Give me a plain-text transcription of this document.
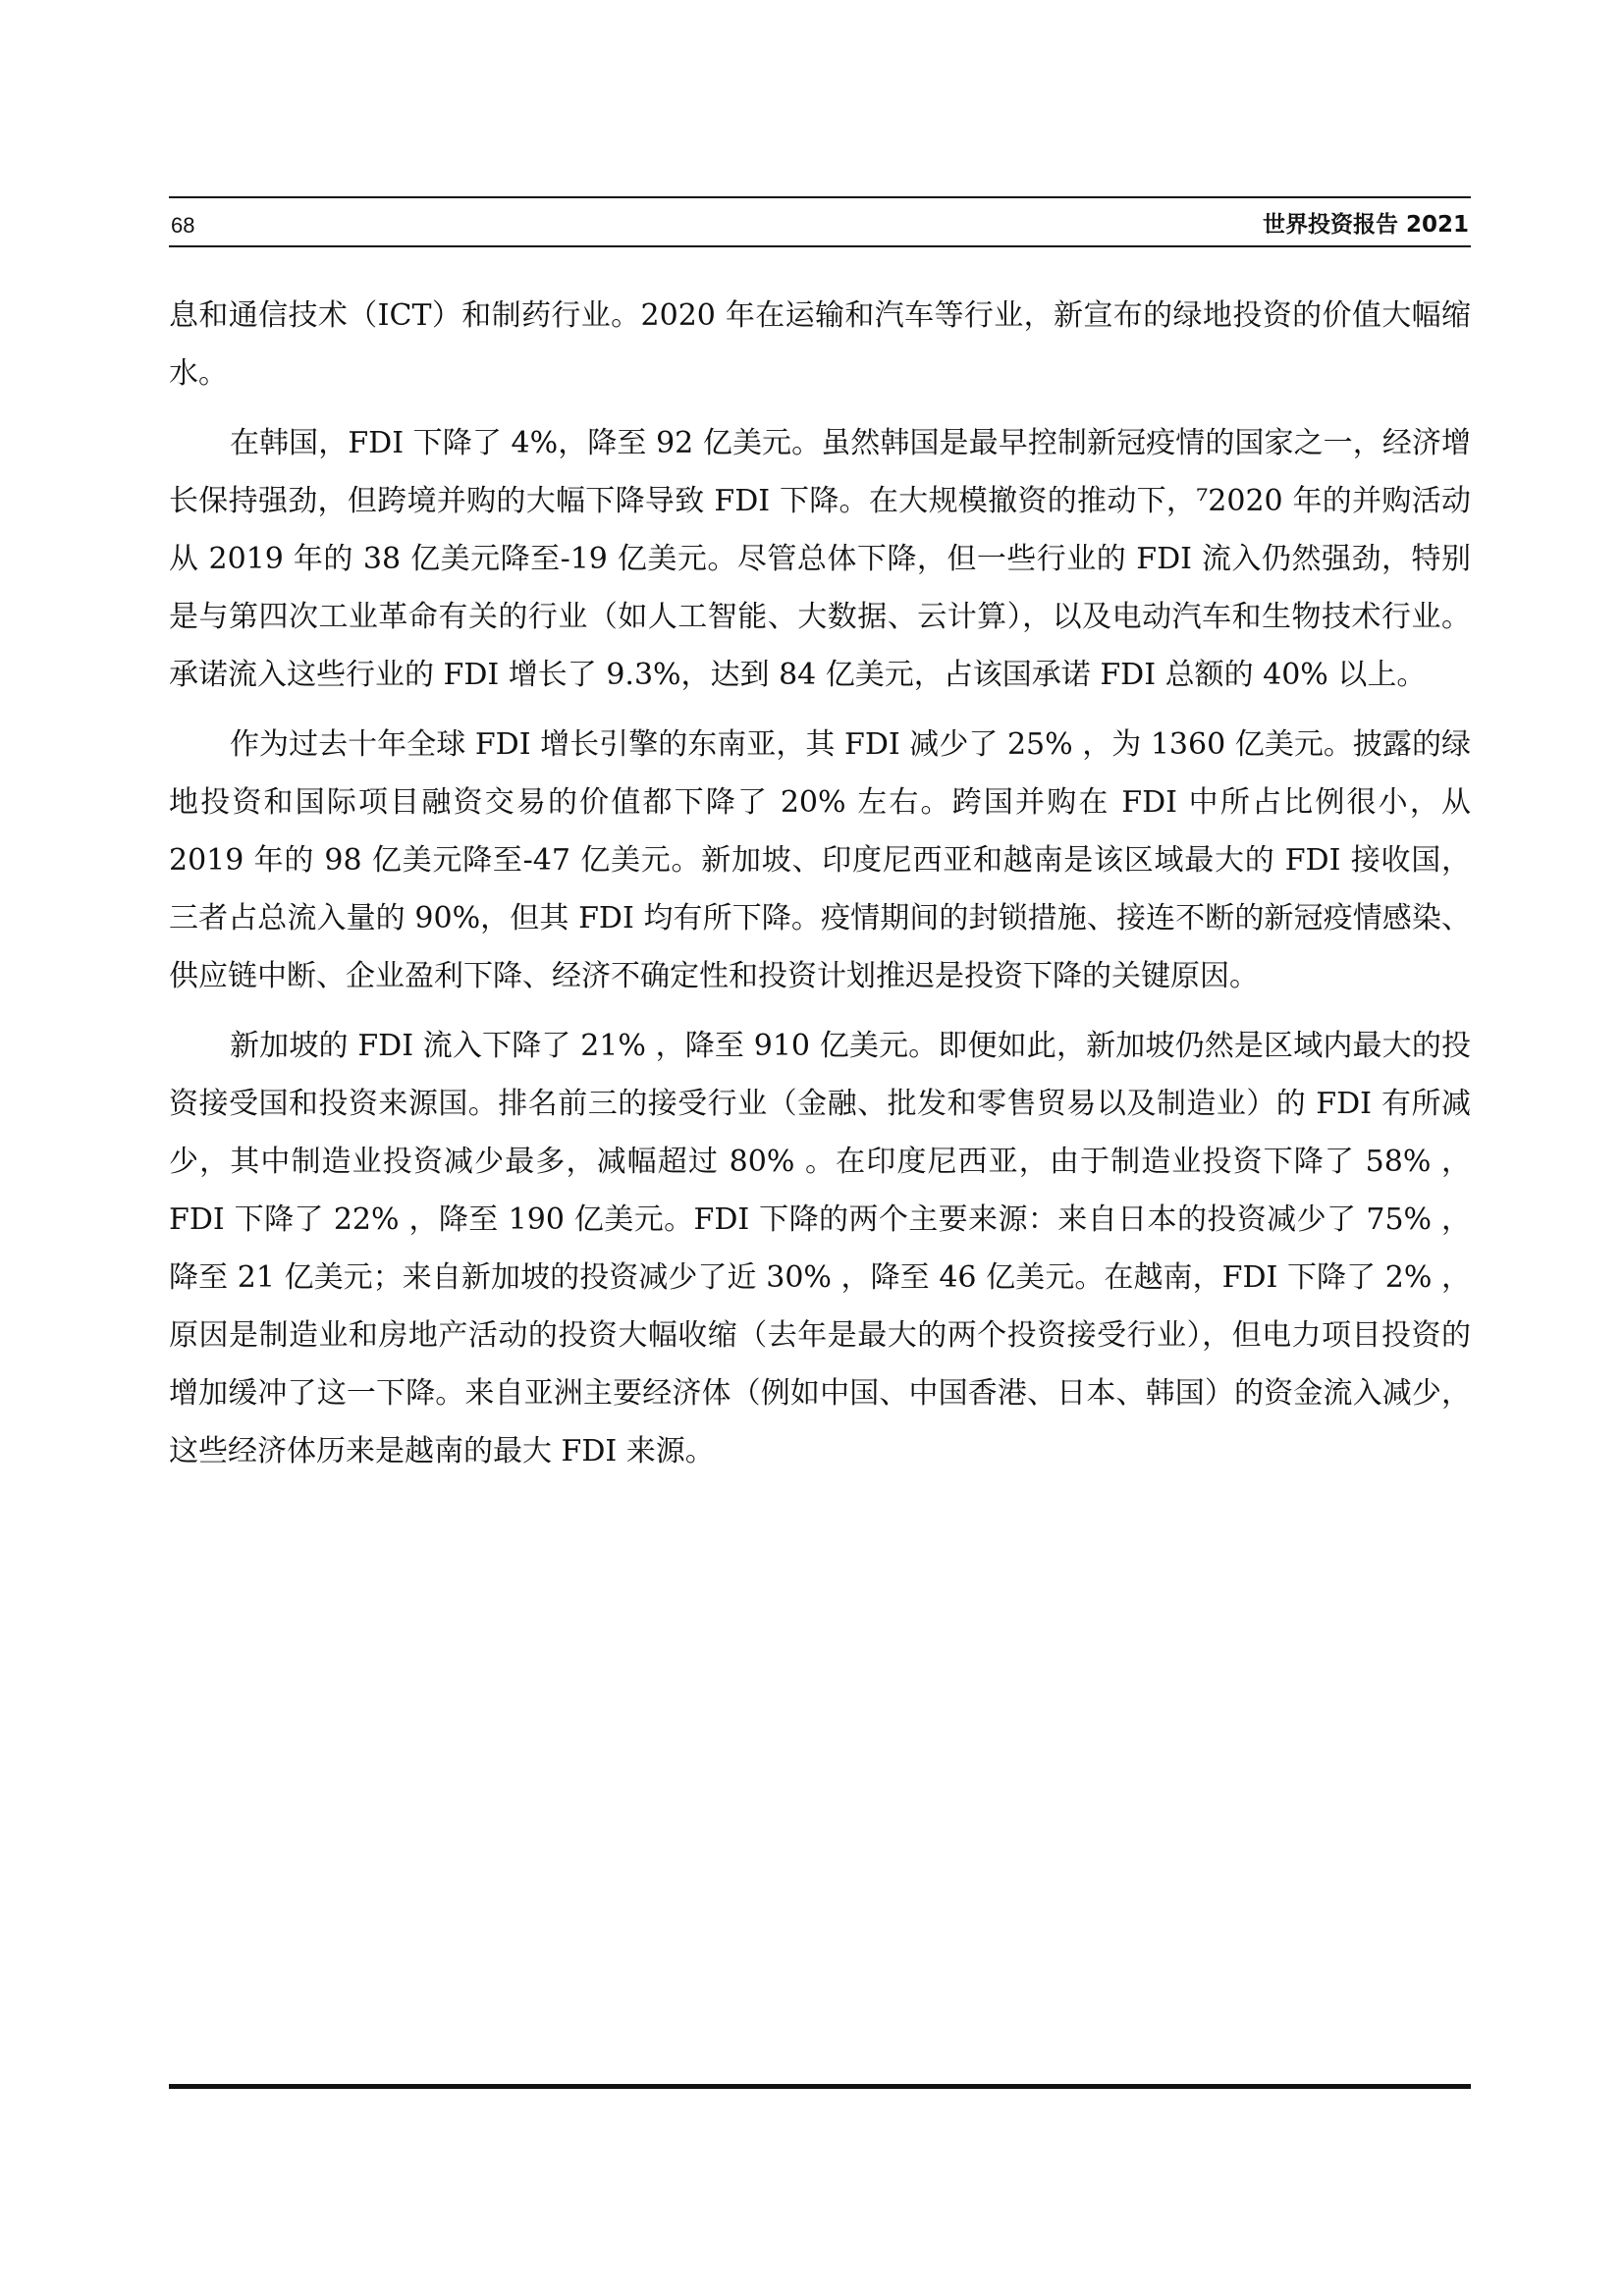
68	世界投资报告 2021

息和通信技术（ICT）和制药行业。2020 年在运输和汽车等行业，新宣布的绿地投资的价值大幅缩水。

在韩国，FDI 下降了 4%，降至 92 亿美元。虽然韩国是最早控制新冠疫情的国家之一，经济增长保持强劲，但跨境并购的大幅下降导致 FDI 下降。在大规模撤资的推动下，⁷2020 年的并购活动从 2019 年的 38 亿美元降至-19 亿美元。尽管总体下降，但一些行业的 FDI 流入仍然强劲，特别是与第四次工业革命有关的行业（如人工智能、大数据、云计算），以及电动汽车和生物技术行业。承诺流入这些行业的 FDI 增长了 9.3%，达到 84 亿美元，占该国承诺 FDI 总额的 40% 以上。

作为过去十年全球 FDI 增长引擎的东南亚，其 FDI 减少了 25% ，为 1360 亿美元。披露的绿地投资和国际项目融资交易的价值都下降了 20% 左右。跨国并购在 FDI 中所占比例很小，从 2019 年的 98 亿美元降至-47 亿美元。新加坡、印度尼西亚和越南是该区域最大的 FDI 接收国，三者占总流入量的 90%，但其 FDI 均有所下降。疫情期间的封锁措施、接连不断的新冠疫情感染、供应链中断、企业盈利下降、经济不确定性和投资计划推迟是投资下降的关键原因。

新加坡的 FDI 流入下降了 21% ，降至 910 亿美元。即便如此，新加坡仍然是区域内最大的投资接受国和投资来源国。排名前三的接受行业（金融、批发和零售贸易以及制造业）的 FDI 有所减少，其中制造业投资减少最多，减幅超过 80% 。在印度尼西亚，由于制造业投资下降了 58% ，FDI 下降了 22% ，降至 190 亿美元。FDI 下降的两个主要来源：来自日本的投资减少了 75% ，降至 21 亿美元；来自新加坡的投资减少了近 30% ，降至 46 亿美元。在越南，FDI 下降了 2% ，原因是制造业和房地产活动的投资大幅收缩（去年是最大的两个投资接受行业），但电力项目投资的增加缓冲了这一下降。来自亚洲主要经济体（例如中国、中国香港、日本、韩国）的资金流入减少，这些经济体历来是越南的最大 FDI 来源。
